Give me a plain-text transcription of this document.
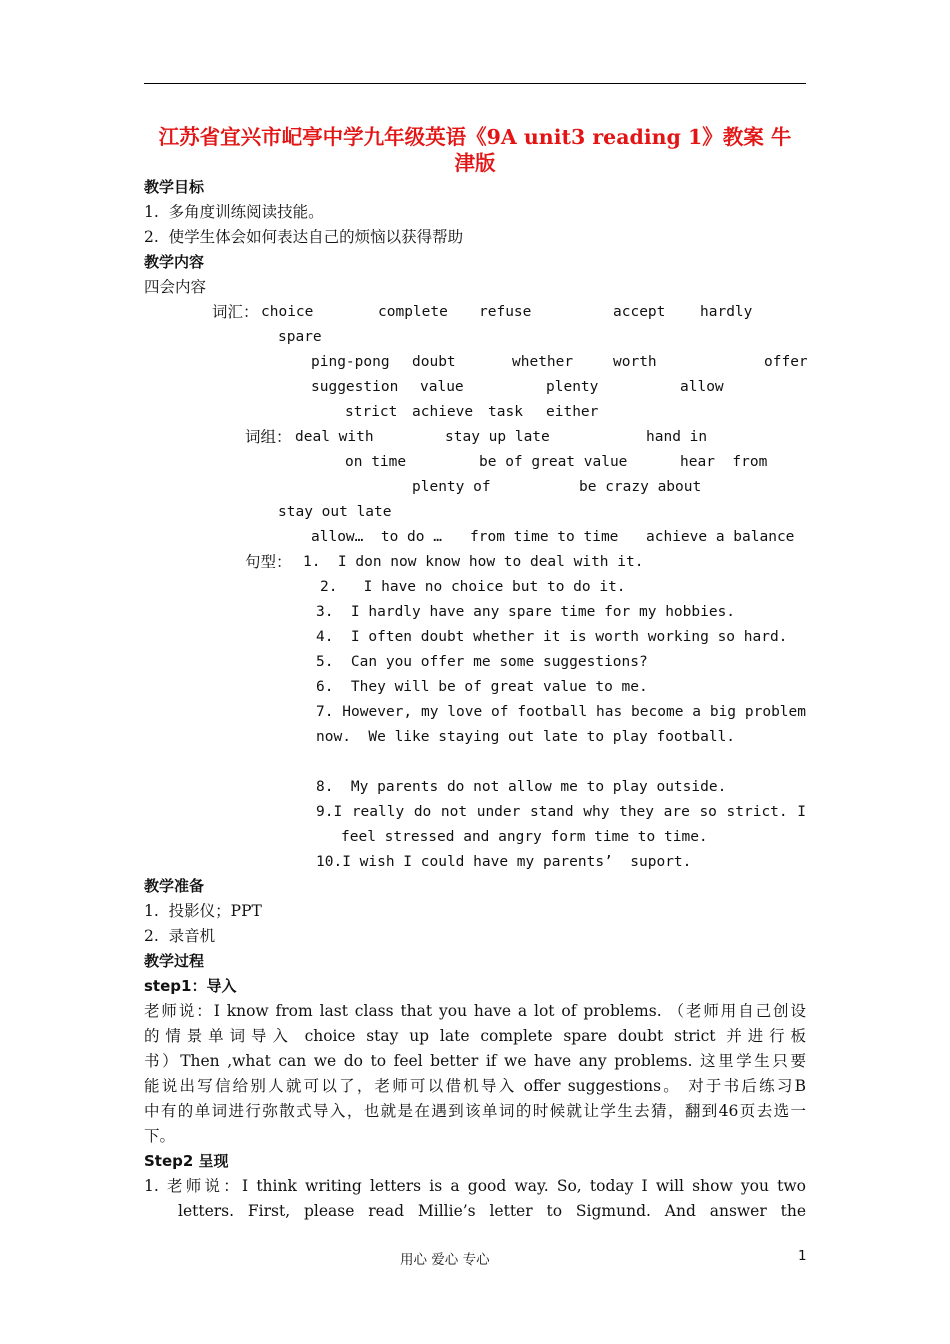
江苏省宜兴市屺亭中学九年级英语《9A unit3 reading 1》教案 牛
津版
教学目标
1.  多角度训练阅读技能。
2.  使学生体会如何表达自己的烦恼以获得帮助
教学内容
四会内容
词汇： choice	complete refuse	accept hardly
spare
ping-pong doubt	whether	worth	offer
suggestion value	plenty	allow
strict achieve task either
词组： deal with	stay up late	hand in
on time	be of great value	hear  from
plenty of	be crazy about
stay out late
allow…  to do … from time to time achieve a balance
句型： 1.  I don now know how to deal with it.
2.   I have no choice but to do it.
3.  I hardly have any spare time for my hobbies.
4.  I often doubt whether it is worth working so hard.
5.  Can you offer me some suggestions?
6.  They will be of great value to me.
7. However, my love of football has become a big problem
now.  We like staying out late to play football.
8.  My parents do not allow me to play outside.
9.I really do not under stand why they are so strict. I
feel stressed and angry form time to time.
10.I wish I could have my parents’  suport.
教学准备
1.  投影仪；PPT
2.  录音机
教学过程
step1：导入
老师说：I know from last class that you have a lot of problems. （老师用自己创设
的情景单词导入 choice stay up late complete spare doubt strict 并进行板
书）Then ,what can we do to feel better if we have any problems. 这里学生只要
能说出写信给别人就可以了，老师可以借机导入 offer suggestions。 对于书后练习B
中有的单词进行弥散式导入，也就是在遇到该单词的时候就让学生去猜，翻到46页去选一
下。
Step2 呈现
1. 老师说：I think writing letters is a good way. So, today I will show you two
letters. First, please read Millie’s letter to Sigmund. And answer the
用心 爱心 专心	1
